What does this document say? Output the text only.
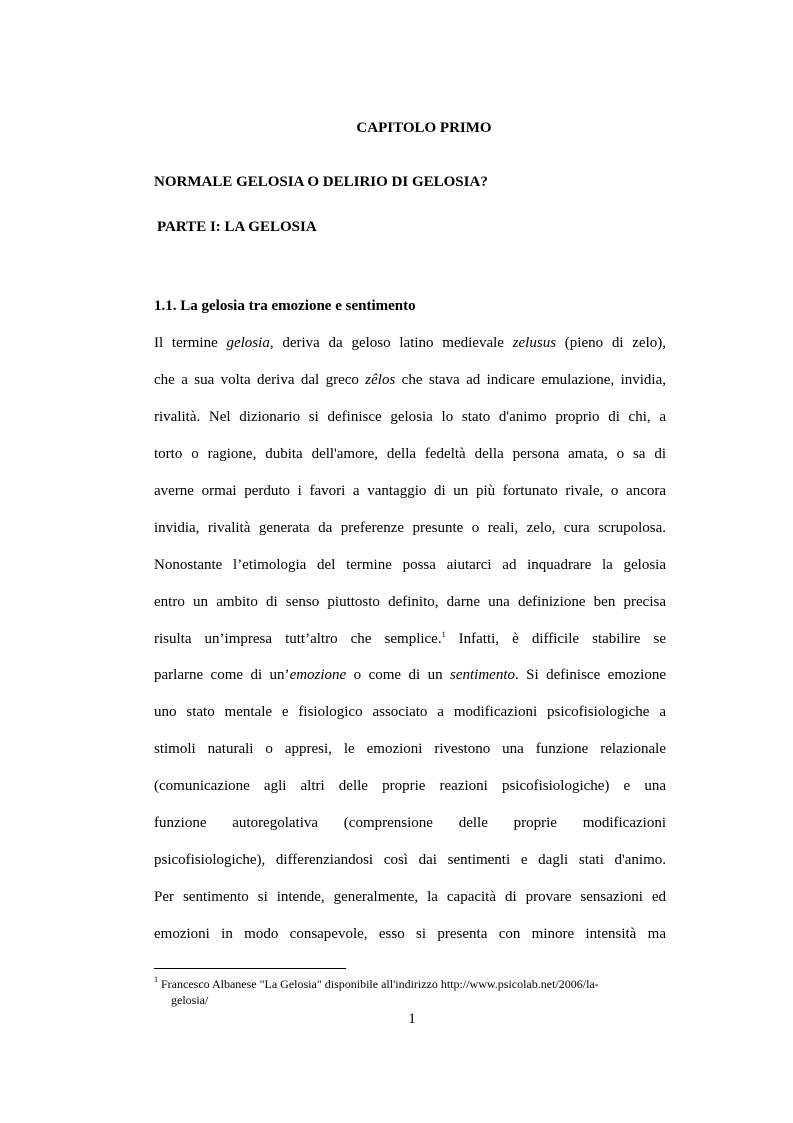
CAPITOLO PRIMO
NORMALE GELOSIA O DELIRIO DI GELOSIA?
PARTE I: LA GELOSIA
1.1. La gelosia tra emozione e sentimento

Il termine gelosia, deriva da geloso latino medievale zelusus (pieno di zelo),

che a sua volta deriva dal greco zêlos che stava ad indicare emulazione, invidia,

rivalità. Nel dizionario si definisce gelosia lo stato d'animo proprio di chi, a

torto o ragione, dubita dell'amore, della fedeltà della persona amata, o sa di

averne ormai perduto i favori a vantaggio di un più fortunato rivale, o ancora

invidia, rivalità generata da preferenze presunte o reali, zelo, cura scrupolosa.

Nonostante l’etimologia del termine possa aiutarci ad inquadrare la gelosia

entro un ambito di senso piuttosto definito, darne una definizione ben precisa

risulta un’impresa tutt’altro che semplice.$^1$ Infatti, è difficile stabilire se

parlarne come di un’emozione o come di un sentimento. Si definisce emozione

uno stato mentale e fisiologico associato a modificazioni psicofisiologiche a

stimoli naturali o appresi, le emozioni rivestono una funzione relazionale

(comunicazione agli altri delle proprie reazioni psicofisiologiche) e una

funzione autoregolativa (comprensione delle proprie modificazioni

psicofisiologiche), differenziandosi così dai sentimenti e dagli stati d'animo.

Per sentimento si intende, generalmente, la capacità di provare sensazioni ed

emozioni in modo consapevole, esso si presenta con minore intensità ma

$^1$ Francesco Albanese "La Gelosia" disponibile all'indirizzo http://www.psicolab.net/2006/la-
gelosia/
1
